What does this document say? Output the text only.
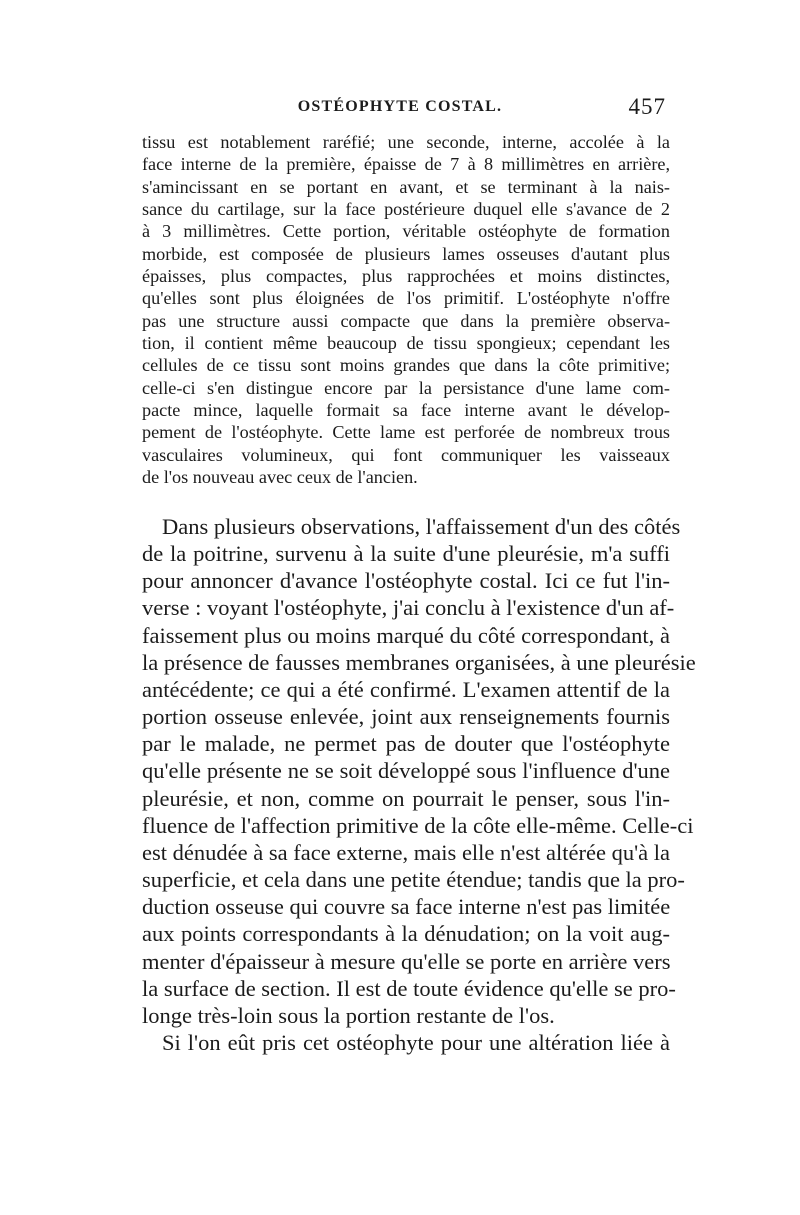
OSTÉOPHYTE COSTAL.	457
tissu est notablement raréfié; une seconde, interne, accolée à la
face interne de la première, épaisse de 7 à 8 millimètres en arrière,
s'amincissant en se portant en avant, et se terminant à la nais-
sance du cartilage, sur la face postérieure duquel elle s'avance de 2
à 3 millimètres. Cette portion, véritable ostéophyte de formation
morbide, est composée de plusieurs lames osseuses d'autant plus
épaisses, plus compactes, plus rapprochées et moins distinctes,
qu'elles sont plus éloignées de l'os primitif. L'ostéophyte n'offre
pas une structure aussi compacte que dans la première observa-
tion, il contient même beaucoup de tissu spongieux; cependant les
cellules de ce tissu sont moins grandes que dans la côte primitive;
celle-ci s'en distingue encore par la persistance d'une lame com-
pacte mince, laquelle formait sa face interne avant le dévelop-
pement de l'ostéophyte. Cette lame est perforée de nombreux trous
vasculaires volumineux, qui font communiquer les vaisseaux
de l'os nouveau avec ceux de l'ancien.
Dans plusieurs observations, l'affaissement d'un des côtés
de la poitrine, survenu à la suite d'une pleurésie, m'a suffi
pour annoncer d'avance l'ostéophyte costal. Ici ce fut l'in-
verse : voyant l'ostéophyte, j'ai conclu à l'existence d'un af-
faissement plus ou moins marqué du côté correspondant, à
la présence de fausses membranes organisées, à une pleurésie
antécédente; ce qui a été confirmé. L'examen attentif de la
portion osseuse enlevée, joint aux renseignements fournis
par le malade, ne permet pas de douter que l'ostéophyte
qu'elle présente ne se soit développé sous l'influence d'une
pleurésie, et non, comme on pourrait le penser, sous l'in-
fluence de l'affection primitive de la côte elle-même. Celle-ci
est dénudée à sa face externe, mais elle n'est altérée qu'à la
superficie, et cela dans une petite étendue; tandis que la pro-
duction osseuse qui couvre sa face interne n'est pas limitée
aux points correspondants à la dénudation; on la voit aug-
menter d'épaisseur à mesure qu'elle se porte en arrière vers
la surface de section. Il est de toute évidence qu'elle se pro-
longe très-loin sous la portion restante de l'os.
Si l'on eût pris cet ostéophyte pour une altération liée à
